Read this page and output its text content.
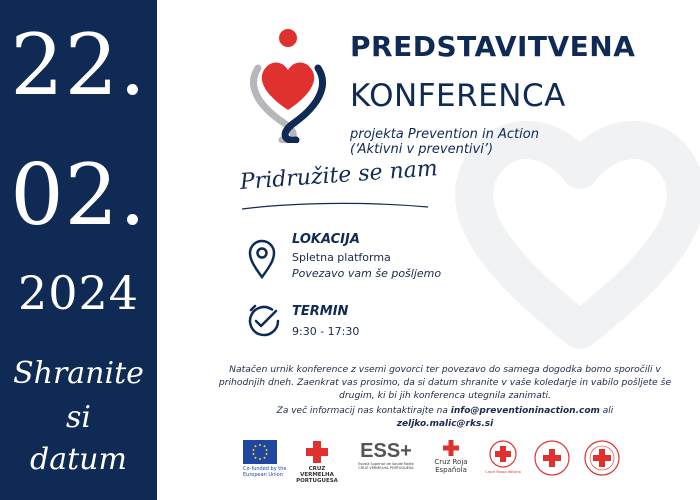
22.
02.
2024
Shranite
si
datum
PREDSTAVITVENA
KONFERENCA
projekta Prevention in Action
(‘Aktivni v preventivi’)
Pridružite se nam
LOKACIJA
Spletna platforma
Povezavo vam še pošljemo
TERMIN
9:30 - 17:30
Natačen urnik konference z vsemi govorci ter povezavo do samega dogodka bomo sporočili v prihodnjih dneh. Zaenkrat vas prosimo, da si datum shranite v vaše koledarje in vabilo pošljete še drugim, ki bi jih konferenca utegnila zanimati.
Za več informacij nas kontaktirajte na info@preventioninaction.com ali
zeljko.malic@rks.si
Co-funded by the European Union
CRUZ
VERMELHA
PORTUGUESA
ESS+
Escola Superior de Saúde Norte CRUZ VERMELHA PORTUGUESA
Cruz Roja
Española	Croce Rossa Italiana
